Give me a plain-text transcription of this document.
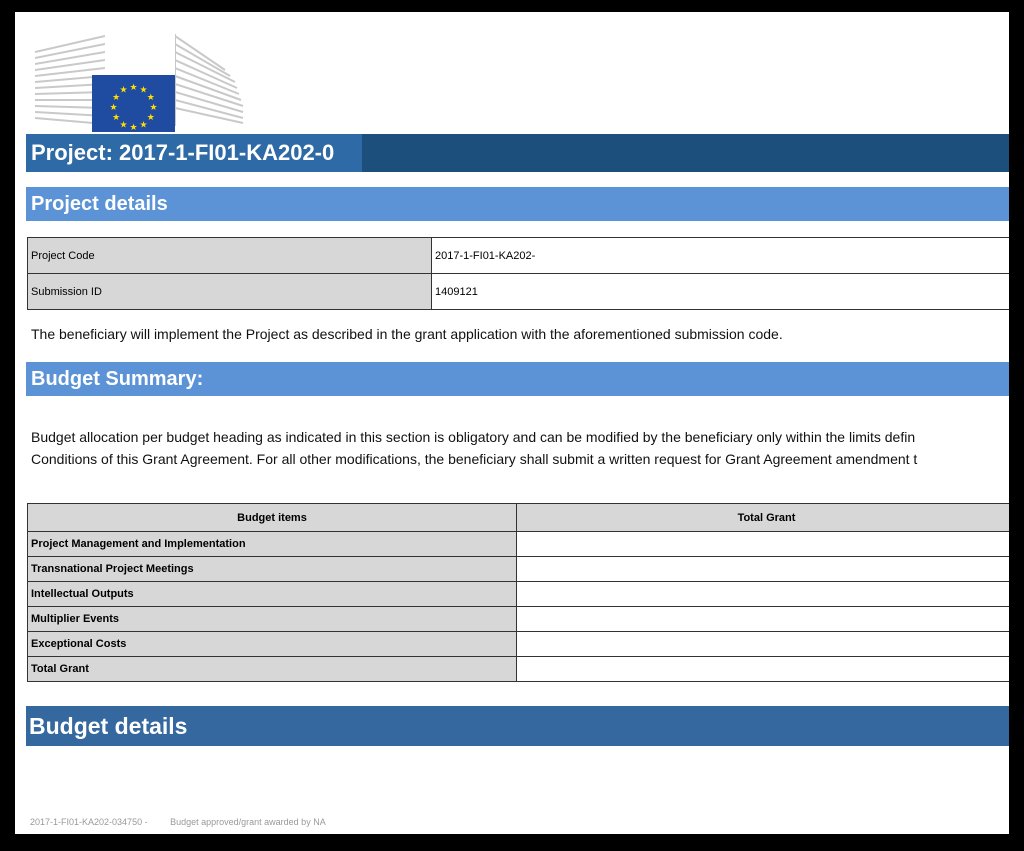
★ ★
★
★
★
★
★
★
★
★
★
★
Project: 2017-1-FI01-KA202-0
Project details
Project Code	2017-1-FI01-KA202-
Submission ID	1409121
The beneficiary will implement the Project as described in the grant application with the aforementioned submission code.
Budget Summary:
Budget allocation per budget heading as indicated in this section is obligatory and can be modified by the beneficiary only within the limits defin
Conditions of this Grant Agreement. For all other modifications, the beneficiary shall submit a written request for Grant Agreement amendment t
Budget items	Total Grant
Project Management and Implementation	
Transnational Project Meetings	
Intellectual Outputs	
Multiplier Events	
Exceptional Costs	
Total Grant	
Budget details
2017-1-FI01-KA202-034750 -	Budget approved/grant awarded by NA
